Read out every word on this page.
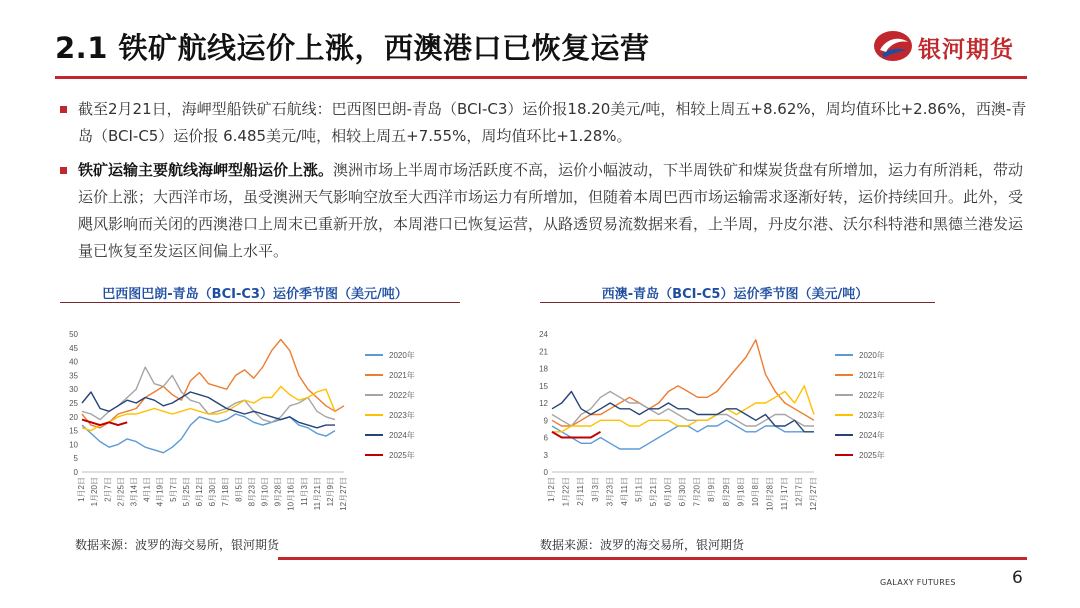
2.1 铁矿航线运价上涨，西澳港口已恢复运营	银河期货
截至2月21日，海岬型船铁矿石航线：巴西图巴朗-青岛（BCI-C3）运价报18.20美元/吨，相较上周五+8.62%，周均值环比+2.86%，西澳-青岛（BCI-C5）运价报 6.485美元/吨，相较上周五+7.55%，周均值环比+1.28%。
铁矿运输主要航线海岬型船运价上涨。澳洲市场上半周市场活跃度不高，运价小幅波动，下半周铁矿和煤炭货盘有所增加，运力有所消耗，带动运价上涨；大西洋市场，虽受澳洲天气影响空放至大西洋市场运力有所增加，但随着本周巴西市场运输需求逐渐好转，运价持续回升。此外，受飓风影响而关闭的西澳港口上周末已重新开放，本周港口已恢复运营，从路透贸易流数据来看，上半周，丹皮尔港、沃尔科特港和黑德兰港发运量已恢复至发运区间偏上水平。
巴西图巴朗-青岛（BCI-C3）运价季节图（美元/吨）	西澳-青岛（BCI-C5）运价季节图（美元/吨）
0
5
10
15
20
25
30
35
40
45
50
1月2日 1月20日 2月7日 2月25日 3月14日 4月1日 4月19日 5月7日 5月25日 6月12日 6月30日 7月18日 8月5日 8月23日 9月10日 9月28日 10月16日 11月3日 11月21日 12月9日 12月27日
2020年
2021年
2022年
2023年
2024年
2025年
0
3
6
9
12
15
18
21
24
1月2日 1月22日 2月11日 3月3日 3月23日 4月11日 5月1日 5月21日 6月10日 6月30日 7月20日 8月9日 8月29日 9月18日 10月8日 10月28日 11月17日 12月7日 12月27日
2020年
2021年
2022年
2023年
2024年
2025年
数据来源：波罗的海交易所，银河期货	数据来源：波罗的海交易所，银河期货
GALAXY FUTURES	6
